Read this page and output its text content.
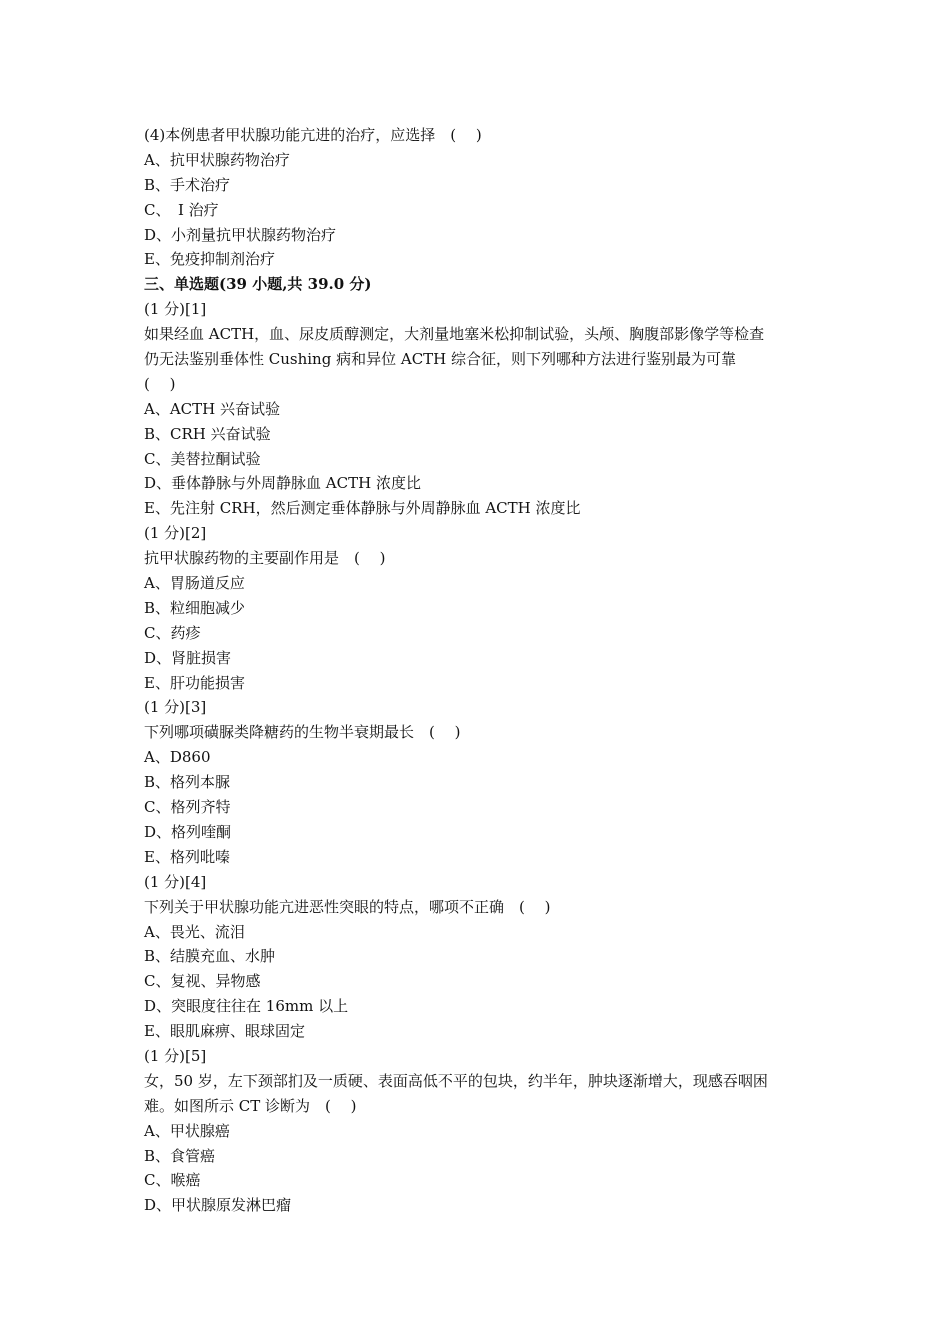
(4)本例患者甲状腺功能亢进的治疗，应选择　( 　)
A、抗甲状腺药物治疗
B、手术治疗
C、　I 治疗
D、小剂量抗甲状腺药物治疗
E、免疫抑制剂治疗
三、单选题(39 小题,共 39.0 分)
(1 分)[1]
如果经血 ACTH，血、尿皮质醇测定，大剂量地塞米松抑制试验，头颅、胸腹部影像学等检查
仍无法鉴别垂体性 Cushing 病和异位 ACTH 综合征，则下列哪种方法进行鉴别最为可靠
( 　)
A、ACTH 兴奋试验
B、CRH 兴奋试验
C、美替拉酮试验
D、垂体静脉与外周静脉血 ACTH 浓度比
E、先注射 CRH，然后测定垂体静脉与外周静脉血 ACTH 浓度比
(1 分)[2]
抗甲状腺药物的主要副作用是　( 　)
A、胃肠道反应
B、粒细胞减少
C、药疹
D、肾脏损害
E、肝功能损害
(1 分)[3]
下列哪项磺脲类降糖药的生物半衰期最长　( 　)
A、D860
B、格列本脲
C、格列齐特
D、格列喹酮
E、格列吡嗪
(1 分)[4]
下列关于甲状腺功能亢进恶性突眼的特点，哪项不正确　( 　)
A、畏光、流泪
B、结膜充血、水肿
C、复视、异物感
D、突眼度往往在 16mm 以上
E、眼肌麻痹、眼球固定
(1 分)[5]
女，50 岁，左下颈部扪及一质硬、表面高低不平的包块，约半年，肿块逐渐增大，现感吞咽困
难。如图所示 CT 诊断为　( 　)
A、甲状腺癌
B、食管癌
C、喉癌
D、甲状腺原发淋巴瘤
